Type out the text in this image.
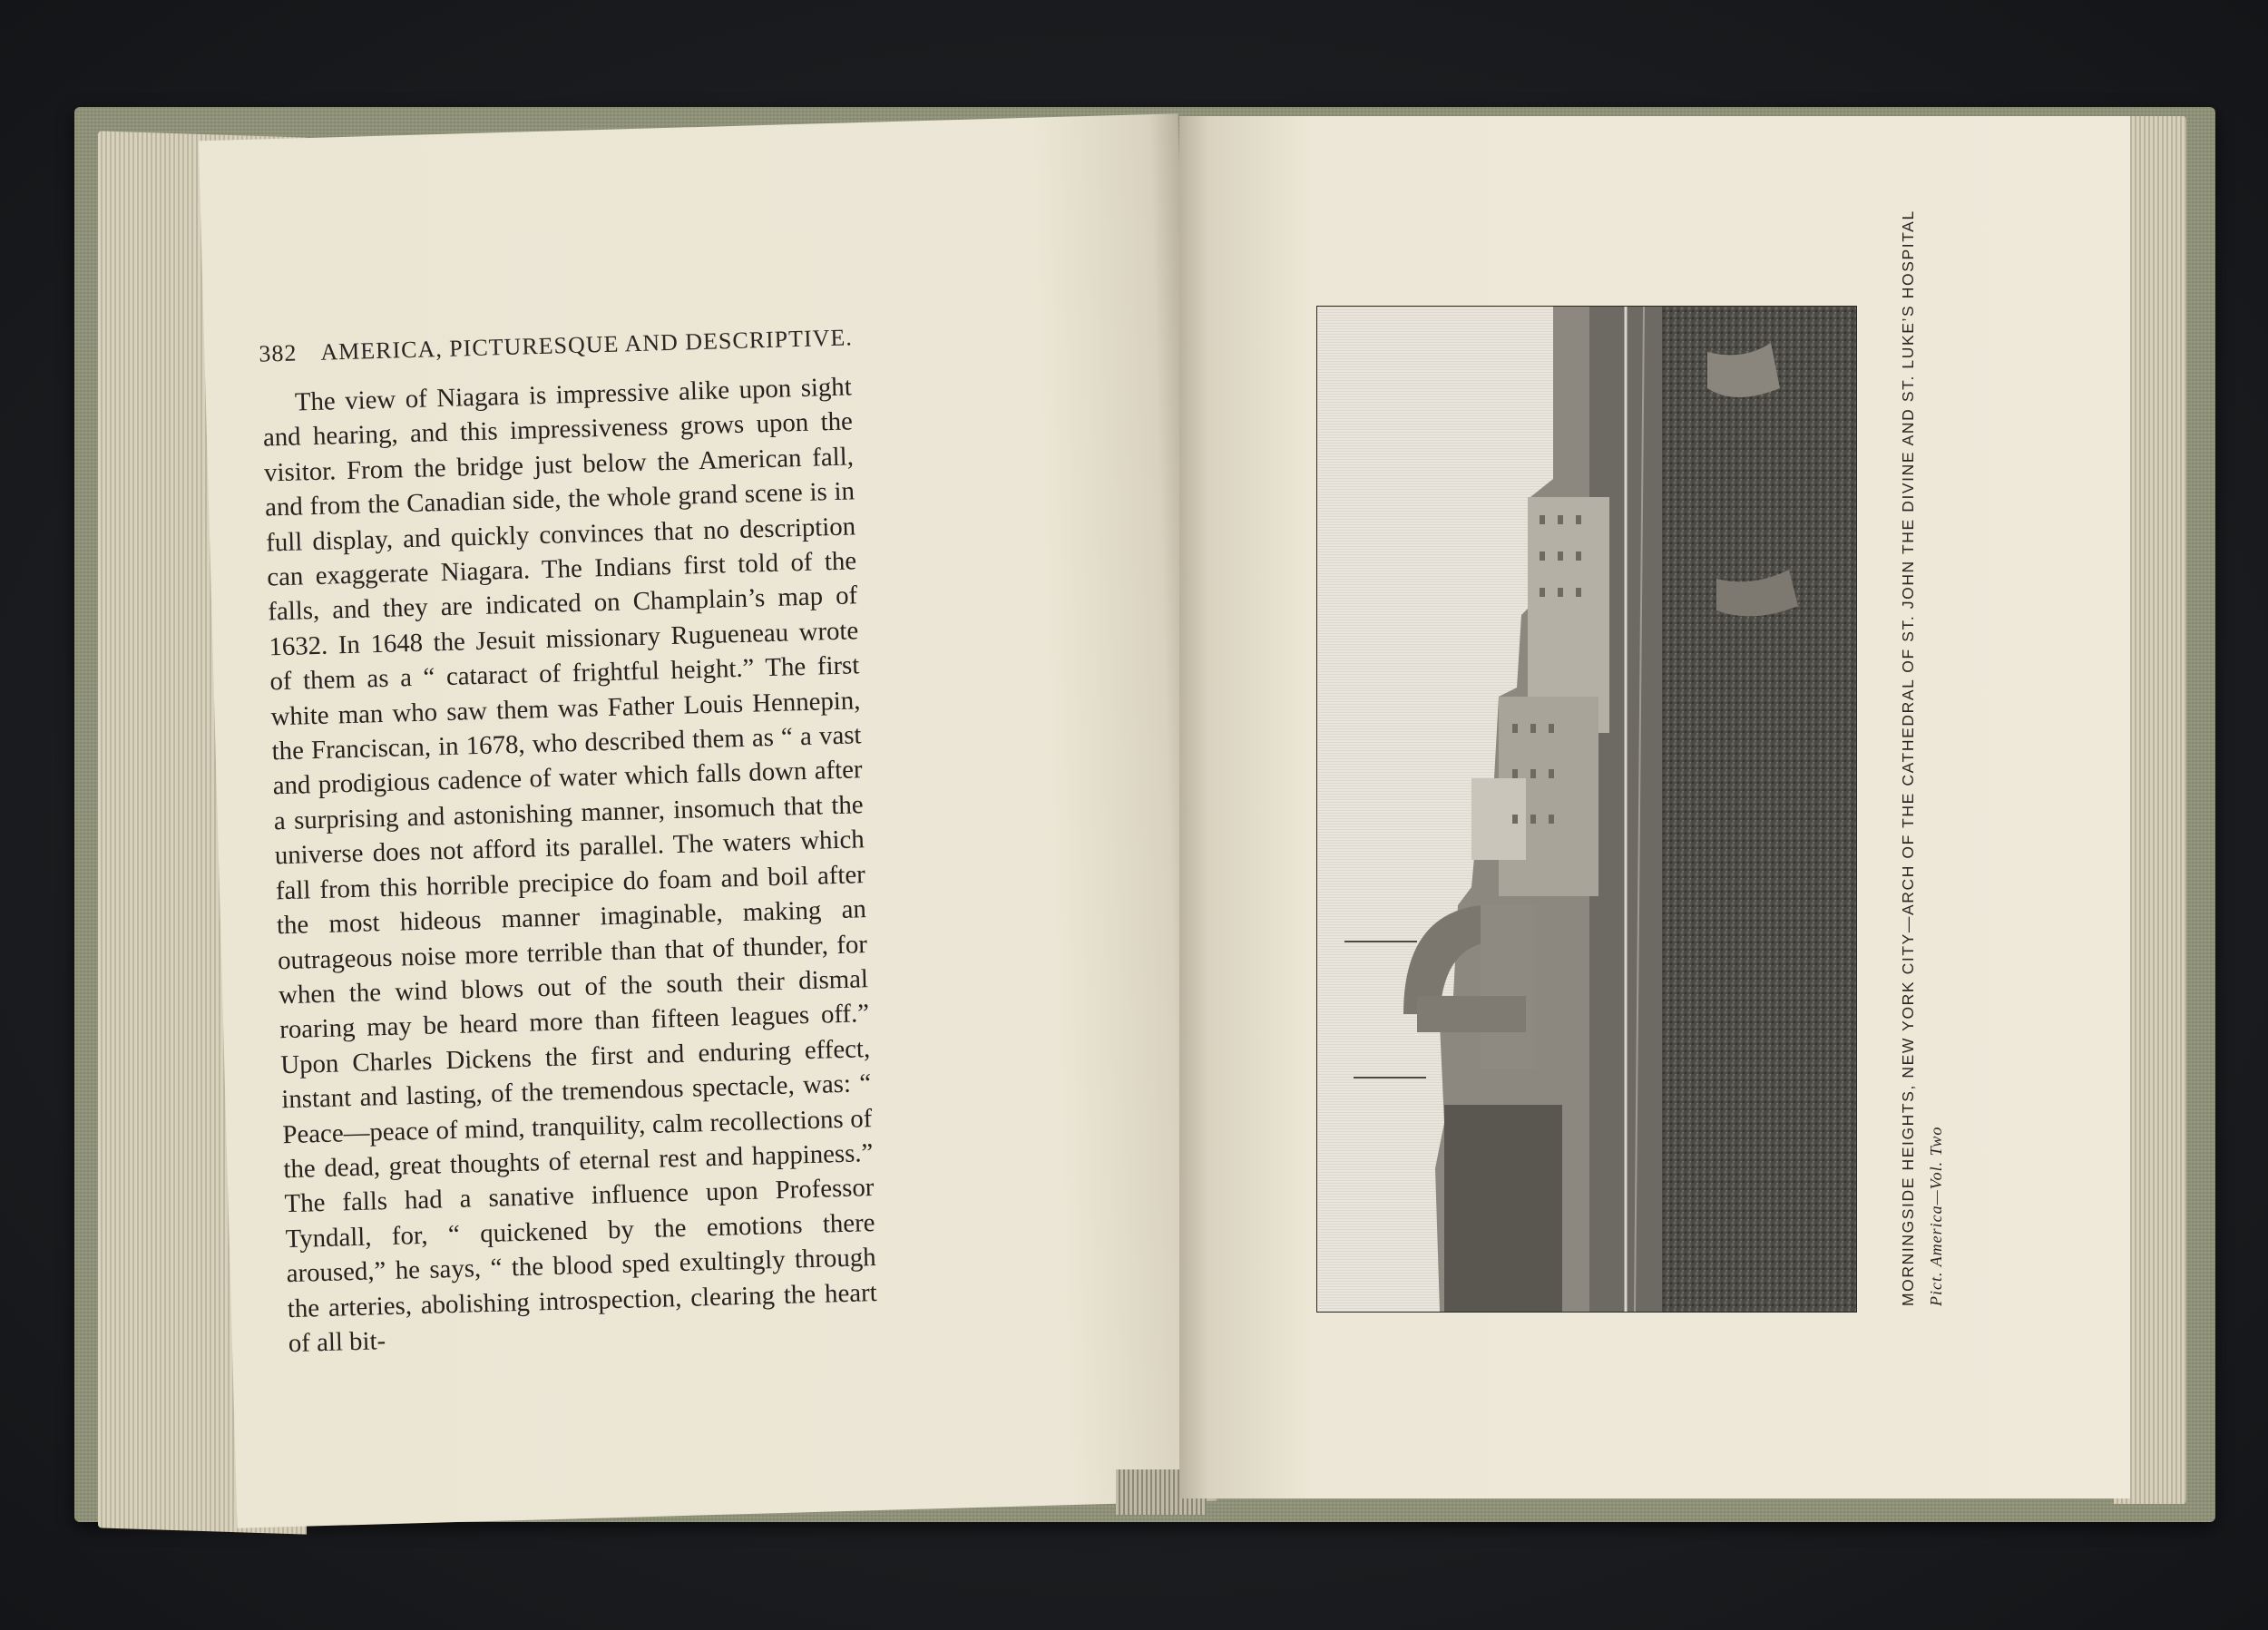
382 AMERICA, PICTURESQUE AND DESCRIPTIVE.
The view of Niagara is impressive alike upon sight and hearing, and this impressiveness grows upon the visitor. From the bridge just below the American fall, and from the Canadian side, the whole grand scene is in full display, and quickly convinces that no description can exaggerate Niagara. The Indians first told of the falls, and they are indicated on Champlain’s map of 1632. In 1648 the Jesuit missionary Rugueneau wrote of them as a “ cataract of frightful height.” The first white man who saw them was Father Louis Hennepin, the Franciscan, in 1678, who described them as “ a vast and prodigious cadence of water which falls down after a surprising and astonishing manner, insomuch that the universe does not afford its parallel. The waters which fall from this horrible precipice do foam and boil after the most hideous manner imaginable, making an outrageous noise more terrible than that of thunder, for when the wind blows out of the south their dismal roaring may be heard more than fifteen leagues off.” Upon Charles Dickens the first and enduring effect, instant and lasting, of the tremendous spectacle, was: “ Peace—peace of mind, tranquility, calm recollections of the dead, great thoughts of eternal rest and happiness.” The falls had a sanative influence upon Professor Tyndall, for, “ quickened by the emotions there aroused,” he says, “ the blood sped exultingly through the arteries, abolishing introspection, clearing the heart of all bit-
MORNINGSIDE HEIGHTS, NEW YORK CITY—ARCH OF THE CATHEDRAL OF ST. JOHN THE DIVINE AND ST. LUKE’S HOSPITAL Pict. America—Vol. Two
